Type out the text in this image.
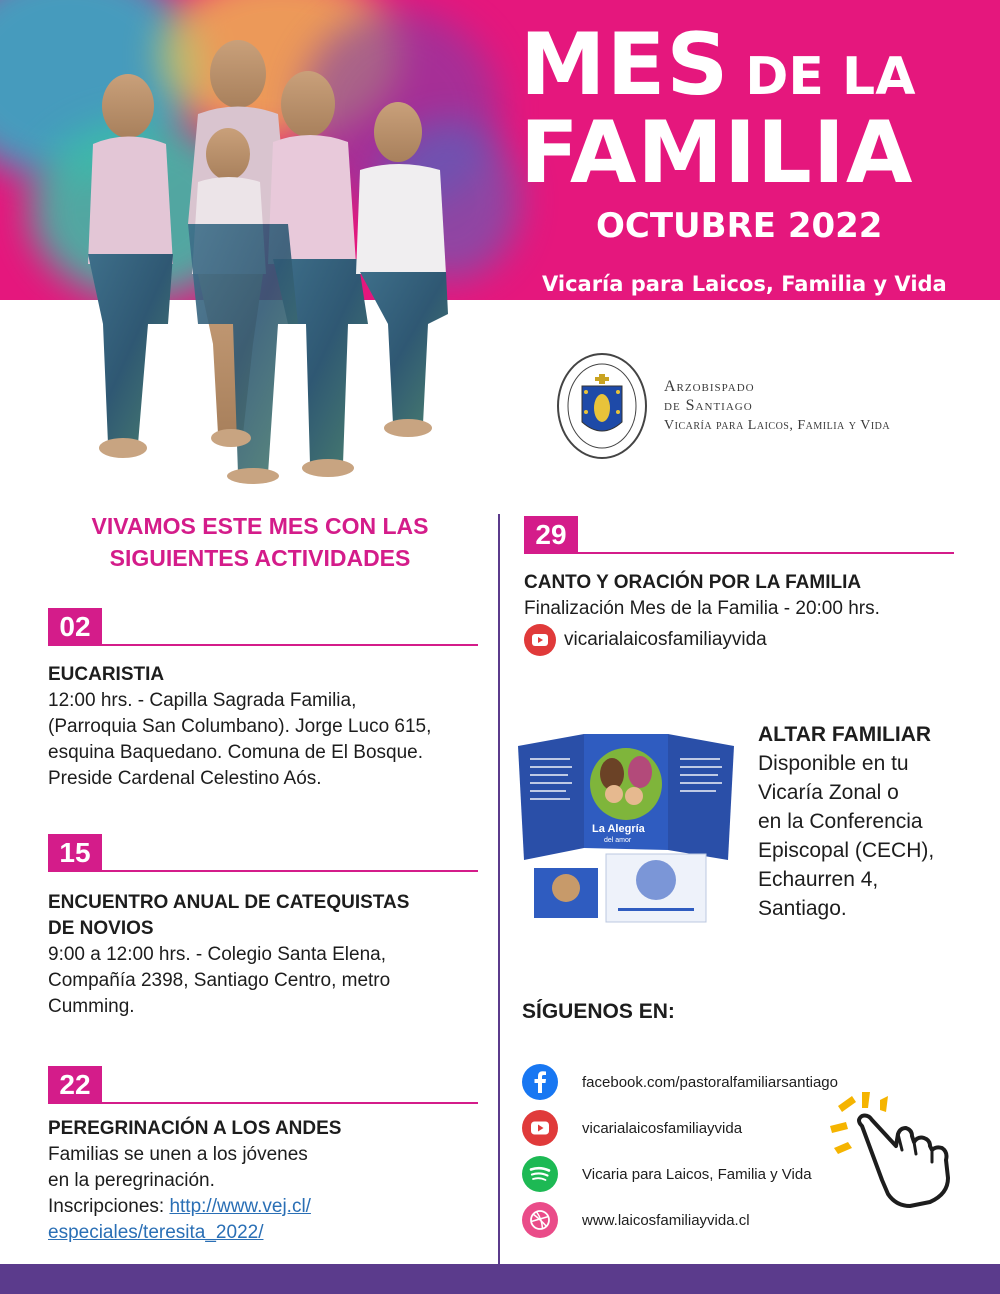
MES DE LA
FAMILIA
OCTUBRE 2022
Vicaría para Laicos, Familia y Vida
Arzobispado
de Santiago
Vicaría para Laicos, Familia y Vida
VIVAMOS ESTE MES CON LAS
SIGUIENTES ACTIVIDADES
02
EUCARISTIA
12:00 hrs. - Capilla Sagrada Familia,
(Parroquia San Columbano). Jorge Luco 615,
esquina Baquedano. Comuna de El Bosque.
Preside Cardenal Celestino Aós.
15
ENCUENTRO ANUAL DE CATEQUISTAS
DE NOVIOS
9:00 a 12:00 hrs. - Colegio Santa Elena,
Compañía 2398, Santiago Centro, metro
Cumming.
22
PEREGRINACIÓN A LOS ANDES
Familias se unen a los jóvenes
en la peregrinación.
Inscripciones: http://www.vej.cl/
especiales/teresita_2022/
29
CANTO Y ORACIÓN POR LA FAMILIA
Finalización Mes de la Familia - 20:00 hrs.
vicarialaicosfamiliayvida
La Alegría
del amor
ALTAR FAMILIAR
Disponible en tu
Vicaría Zonal o
en la Conferencia
Episcopal (CECH),
Echaurren 4,
Santiago.
SÍGUENOS EN:
facebook.com/pastoralfamiliarsantiago
vicarialaicosfamiliayvida
Vicaria para Laicos, Familia y Vida
www.laicosfamiliayvida.cl
